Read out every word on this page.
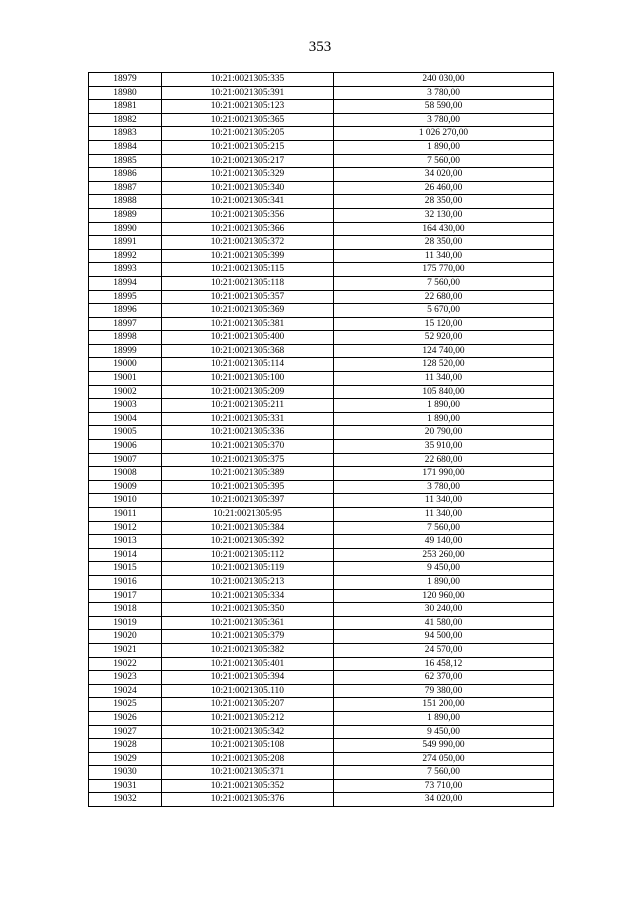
353
18979	10:21:0021305:335	240 030,00
18980	10:21:0021305:391	3 780,00
18981	10:21:0021305:123	58 590,00
18982	10:21:0021305:365	3 780,00
18983	10:21:0021305:205	1 026 270,00
18984	10:21:0021305:215	1 890,00
18985	10:21:0021305:217	7 560,00
18986	10:21:0021305:329	34 020,00
18987	10:21:0021305:340	26 460,00
18988	10:21:0021305:341	28 350,00
18989	10:21:0021305:356	32 130,00
18990	10:21:0021305:366	164 430,00
18991	10:21:0021305:372	28 350,00
18992	10:21:0021305:399	11 340,00
18993	10:21:0021305:115	175 770,00
18994	10:21:0021305:118	7 560,00
18995	10:21:0021305:357	22 680,00
18996	10:21:0021305:369	5 670,00
18997	10:21:0021305:381	15 120,00
18998	10:21:0021305:400	52 920,00
18999	10:21:0021305:368	124 740,00
19000	10:21:0021305:114	128 520,00
19001	10:21:0021305:100	11 340,00
19002	10:21:0021305:209	105 840,00
19003	10:21:0021305:211	1 890,00
19004	10:21:0021305:331	1 890,00
19005	10:21:0021305:336	20 790,00
19006	10:21:0021305:370	35 910,00
19007	10:21:0021305:375	22 680,00
19008	10:21:0021305:389	171 990,00
19009	10:21:0021305:395	3 780,00
19010	10:21:0021305:397	11 340,00
19011	10:21:0021305:95	11 340,00
19012	10:21:0021305:384	7 560,00
19013	10:21:0021305:392	49 140,00
19014	10:21:0021305:112	253 260,00
19015	10:21:0021305:119	9 450,00
19016	10:21:0021305:213	1 890,00
19017	10:21:0021305:334	120 960,00
19018	10:21:0021305:350	30 240,00
19019	10:21:0021305:361	41 580,00
19020	10:21:0021305:379	94 500,00
19021	10:21:0021305:382	24 570,00
19022	10:21:0021305:401	16 458,12
19023	10:21:0021305:394	62 370,00
19024	10:21:0021305.110	79 380,00
19025	10:21:0021305:207	151 200,00
19026	10:21:0021305:212	1 890,00
19027	10:21:0021305:342	9 450,00
19028	10:21:0021305:108	549 990,00
19029	10:21:0021305:208	274 050,00
19030	10:21:0021305:371	7 560,00
19031	10:21:0021305:352	73 710,00
19032	10:21:0021305:376	34 020,00
